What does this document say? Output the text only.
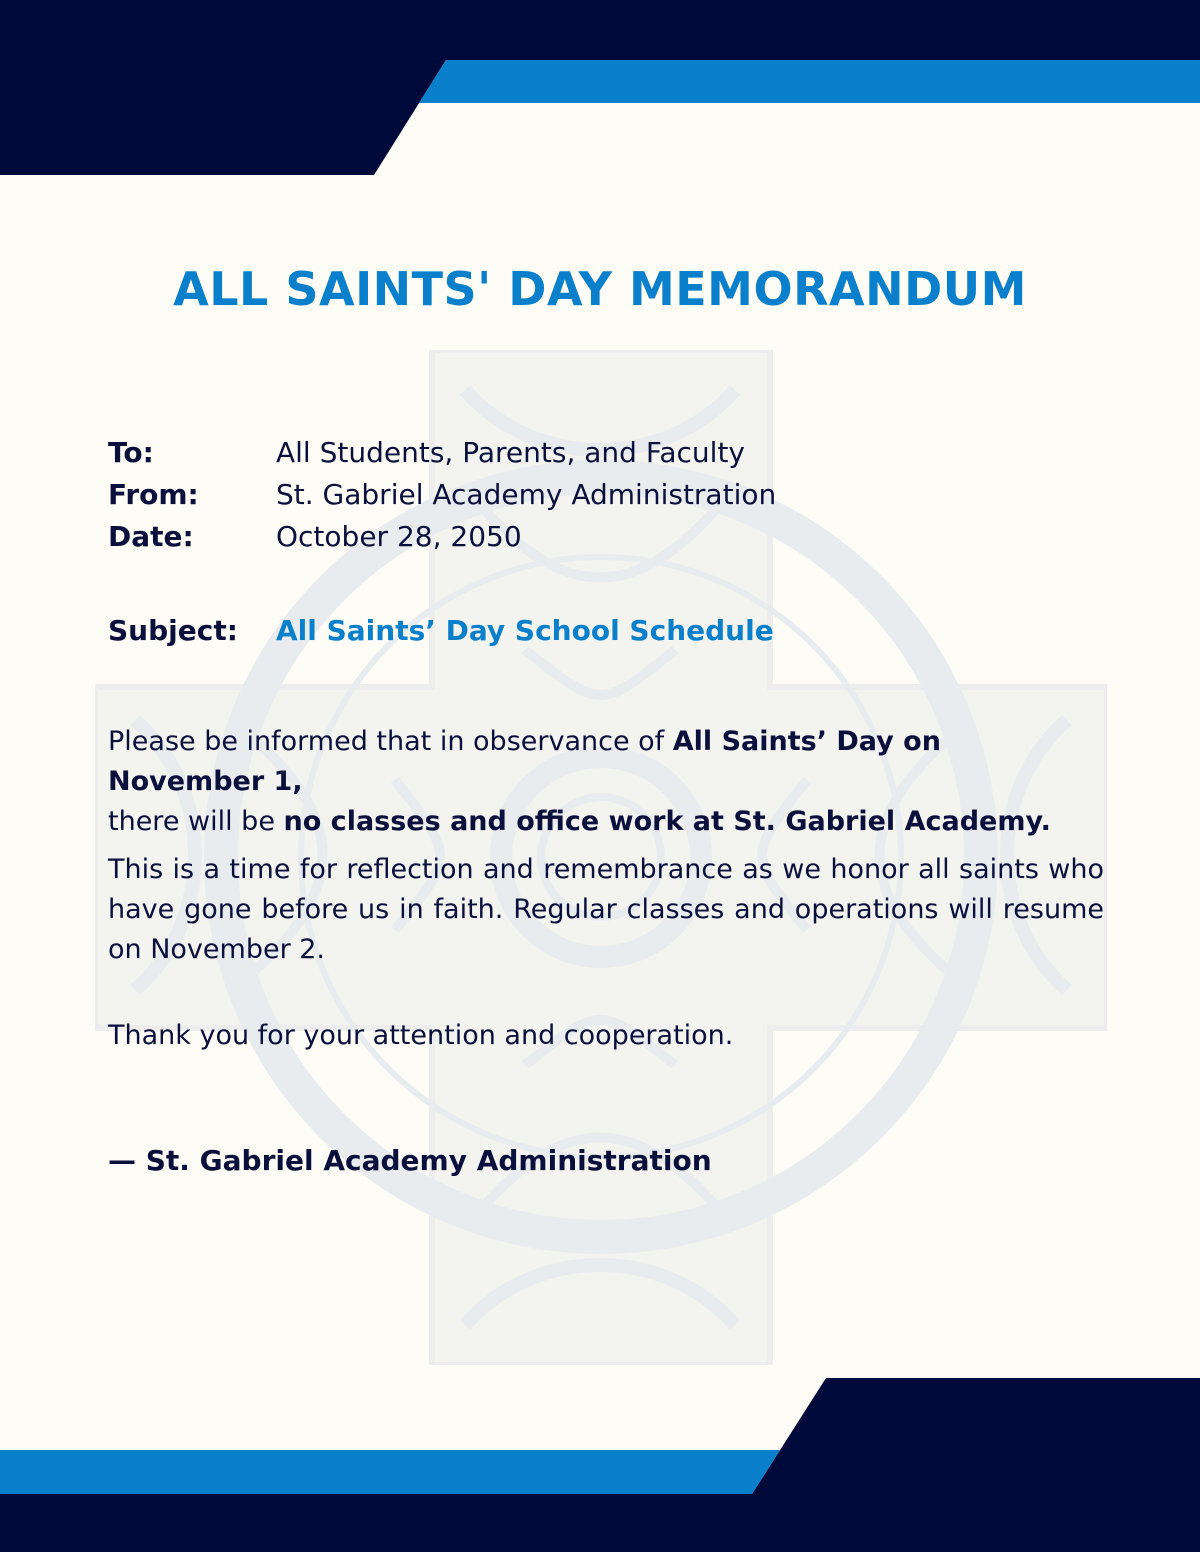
ALL SAINTS' DAY MEMORANDUM
To:	All Students, Parents, and Faculty
From:	St. Gabriel Academy Administration
Date:	October 28, 2050
Subject: All Saints’ Day School Schedule

Please be informed that in observance of All Saints’ Day on November 1,
there will be no classes and office work at St. Gabriel Academy.

This is a time for reflection and remembrance as we honor all saints who have gone before us in faith. Regular classes and operations will resume on November 2.

Thank you for your attention and cooperation.

— St. Gabriel Academy Administration
